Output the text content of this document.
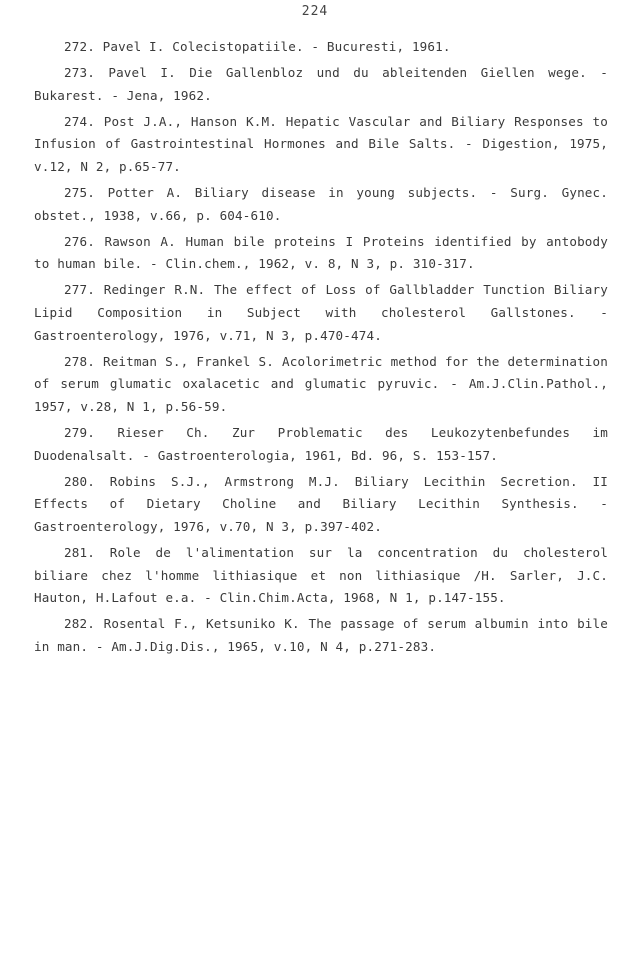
224

272. Pavel I. Colecistopatiile. - Bucuresti, 1961.

273. Pavel I. Die Gallenbloz und du ableitenden Giellen wege. - Bukarest. - Jena, 1962.

274. Post J.A., Hanson K.M. Hepatic Vascular and Biliary Responses to Infusion of Gastrointestinal Hormones and Bile Salts. - Digestion, 1975, v.12, N 2, p.65-77.

275. Potter A. Biliary disease in young subjects. - Surg. Gynec. obstet., 1938, v.66, p. 604-610.

276. Rawson A. Human bile proteins I Proteins identified by antobody to human bile. - Clin.chem., 1962, v. 8, N 3, p. 310-317.

277. Redinger R.N. The effect of Loss of Gallbladder Tunction Biliary Lipid Composition in Subject with cholesterol Gallstones. - Gastroenterology, 1976, v.71, N 3, p.470-474.

278. Reitman S., Frankel S. Acolorimetric method for the determination of serum glumatic oxalacetic and glumatic pyruvic. - Am.J.Clin.Pathol., 1957, v.28, N 1, p.56-59.

279. Rieser Ch. Zur Problematic des Leukozytenbefundes im Duodenalsalt. - Gastroenterologia, 1961, Bd. 96, S. 153-157.

280. Robins S.J., Armstrong M.J. Biliary Lecithin Secretion. II Effects of Dietary Choline and Biliary Lecithin Synthesis. - Gastroenterology, 1976, v.70, N 3, p.397-402.

281. Role de l'alimentation sur la concentration du cholesterol biliare chez l'homme lithiasique et non lithiasique /H. Sarler, J.C. Hauton, H.Lafout e.a. - Clin.Chim.Acta, 1968, N 1, p.147-155.

282. Rosental F., Ketsuniko K. The passage of serum albumin into bile in man. - Am.J.Dig.Dis., 1965, v.10, N 4, p.271-283.
